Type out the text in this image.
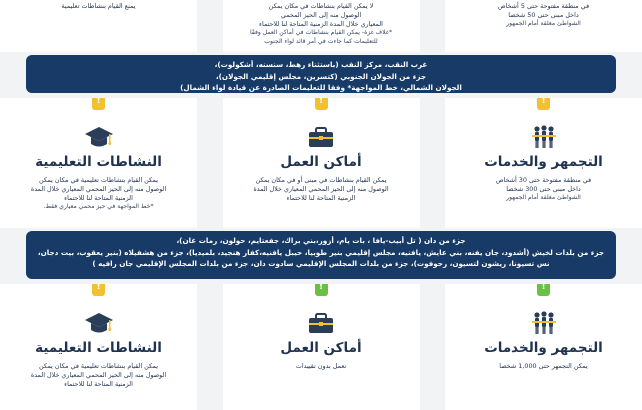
في منطقة مفتوحة حتى 5 أشخاص
داخل مبنى حتى 50 شخصا
الشواطئ مغلقة أمام الجمهور
لا يمكن القيام بنشاطات في مكان يمكن
الوصول منه إلى الحيز المحمي
المعياري خلال المدة الزمنية المتاحة لنا للاحتماء
*غلاف غزة- يمكن القيام بنشاطات في أماكن العمل وفقًا
للتعليمات كما جاءت في أمر قائد لواء الجنوب
يمنع القيام بنشاطات تعليمية
غرب النقب، مركز النقب (باستثناء رهط، سنسنه، أشكولوت)،
جزء من الجولان الجنوبي (كتسرين، مجلس إقليمي الجولان)،
الجولان الشمالي، خط المواجهة* وفقا للتعليمات الصادرة عن قيادة لواء الشمال)
!
التجمهر والخدمات
في منطقة مفتوحة حتى 30 أشخاص
داخل مبنى حتى 300 شخصا
الشواطئ مغلقة أمام الجمهور
!
أماكن العمل
يمكن القيام بنشاطات في مبنى أو في مكان يمكن
الوصول منه إلى الحيز المحمي المعياري خلال المدة
الزمنية المتاحة لنا للاحتماء
!
النشاطات التعليمية
يمكن القيام بنشاطات تعليمية في مكان يمكن
الوصول منه إلى الحيز المحمي المعياري خلال المدة
الزمنية المتاحة لنا للاحتماء
*خط المواجهة في حيز محمي معياري فقط.
جزء من دان ( تل أبيب-يافا ، بات يام، أزور،بني براك، جفعتايم، حولون، رمات غان)،
جزء من بلدات لخيش (أشدود، جان يفنه، بني عايش، يافنيه، مجلس إقليمي بنير طوبيا، حيبل يافنيه،كفار هنجيد، بلميديا)، جزء من هشفيلاه (بنير يعقوب، بيت دجان،
نس تسيونا، ريشون لتسيون، رحوفوت)، جزء من بلدات المجلس الإقليمي سادوت دان، جزء من بلدات المجلس الإقليمي جان رافيه )
!
التجمهر والخدمات
يمكن التجمهر حتى 1,000 شخصا
!
أماكن العمل
نعمل بدون تقييدات
!
النشاطات التعليمية
يمكن القيام بنشاطات تعليمية في مكان يمكن
الوصول منه إلى الحيز المحمي المعياري خلال المدة
الزمنية المتاحة لنا للاحتماء
